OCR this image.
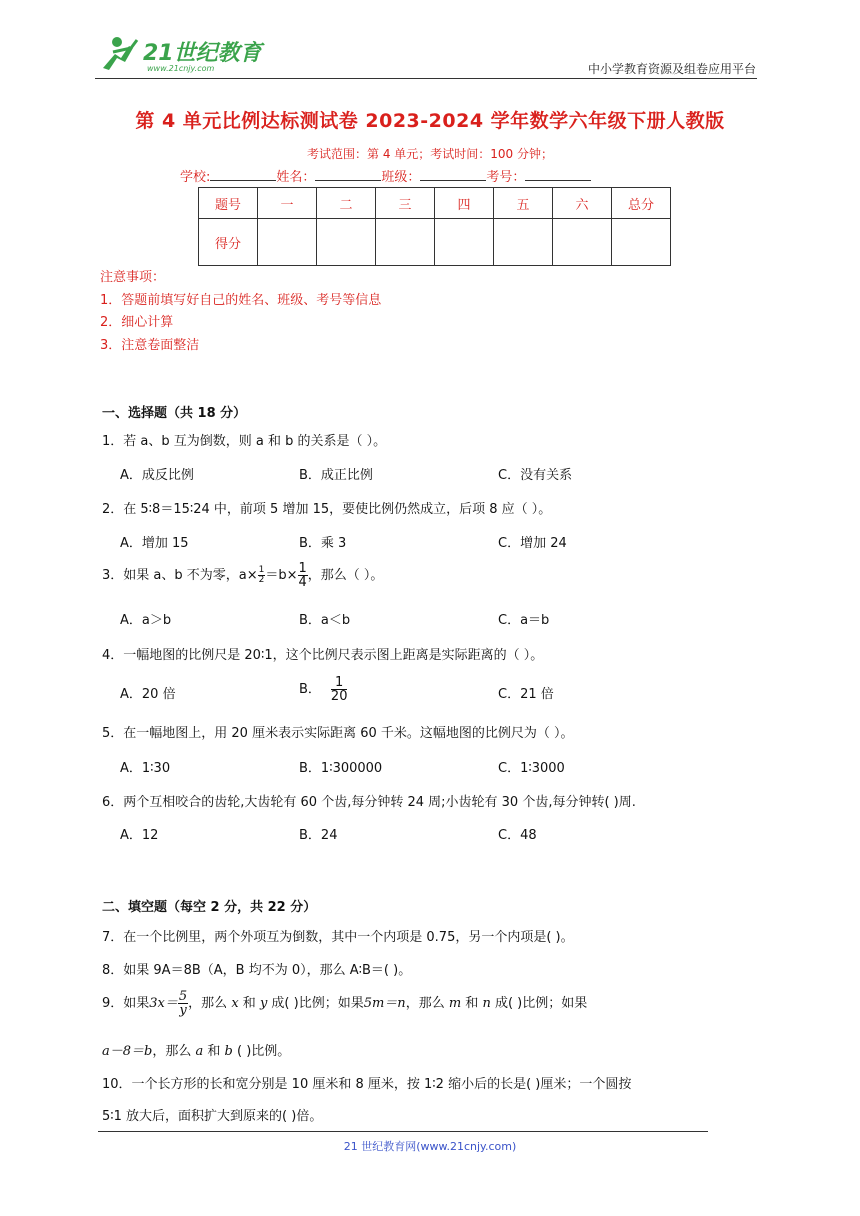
21世纪教育
www.21cnjy.com	中小学教育资源及组卷应用平台
第 4 单元比例达标测试卷 2023-2024 学年数学六年级下册人教版
考试范围：第 4 单元；考试时间：100 分钟；
学校:	姓名：	班级：	考号：
题号	一	二	三	四	五	六	总分
得分							
注意事项：
1．答题前填写好自己的姓名、班级、考号等信息
2．细心计算
3．注意卷面整洁
一、选择题（共 18 分）
1．若 a、b 互为倒数，则 a 和 b 的关系是（ ）。
A．成反比例	B．成正比例	C．没有关系
2．在 5∶8＝15∶24 中，前项 5 增加 15，要使比例仍然成立，后项 8 应（ ）。
A．增加 15	B．乘 3	C．增加 24
3．如果 a、b 不为零，$a\times \frac{1}{2} =b\times \frac{1}{4}$ ，那么（ ）。
A．a＞b	B．a＜b	C．a＝b
4．一幅地图的比例尺是 20∶1，这个比例尺表示图上距离是实际距离的（ ）。
A．20 倍	B． $\frac{1}{20}$	C．21 倍
5．在一幅地图上，用 20 厘米表示实际距离 60 千米。这幅地图的比例尺为（ ）。
A．1∶30	B．1∶300000	C．1∶3000
6．两个互相咬合的齿轮,大齿轮有 60 个齿,每分钟转 24 周;小齿轮有 30 个齿,每分钟转( )周.
A．12	B．24	C．48
二、填空题（每空 2 分，共 22 分）
7．在一个比例里，两个外项互为倒数，其中一个内项是 0.75，另一个内项是( )。
8．如果 9A＝8B（A，B 均不为 0），那么 A∶B＝( )。
9．如果$3x= \frac{5}{y}$ ，那么 x 和 y 成( )比例；如果5m＝n，那么 m 和 n 成( )比例；如果
a－8＝b，那么 a 和 b ( )比例。
10．一个长方形的长和宽分别是 10 厘米和 8 厘米，按 1∶2 缩小后的长是( )厘米；一个圆按
5∶1 放大后，面积扩大到原来的( )倍。
21 世纪教育网(www.21cnjy.com)
